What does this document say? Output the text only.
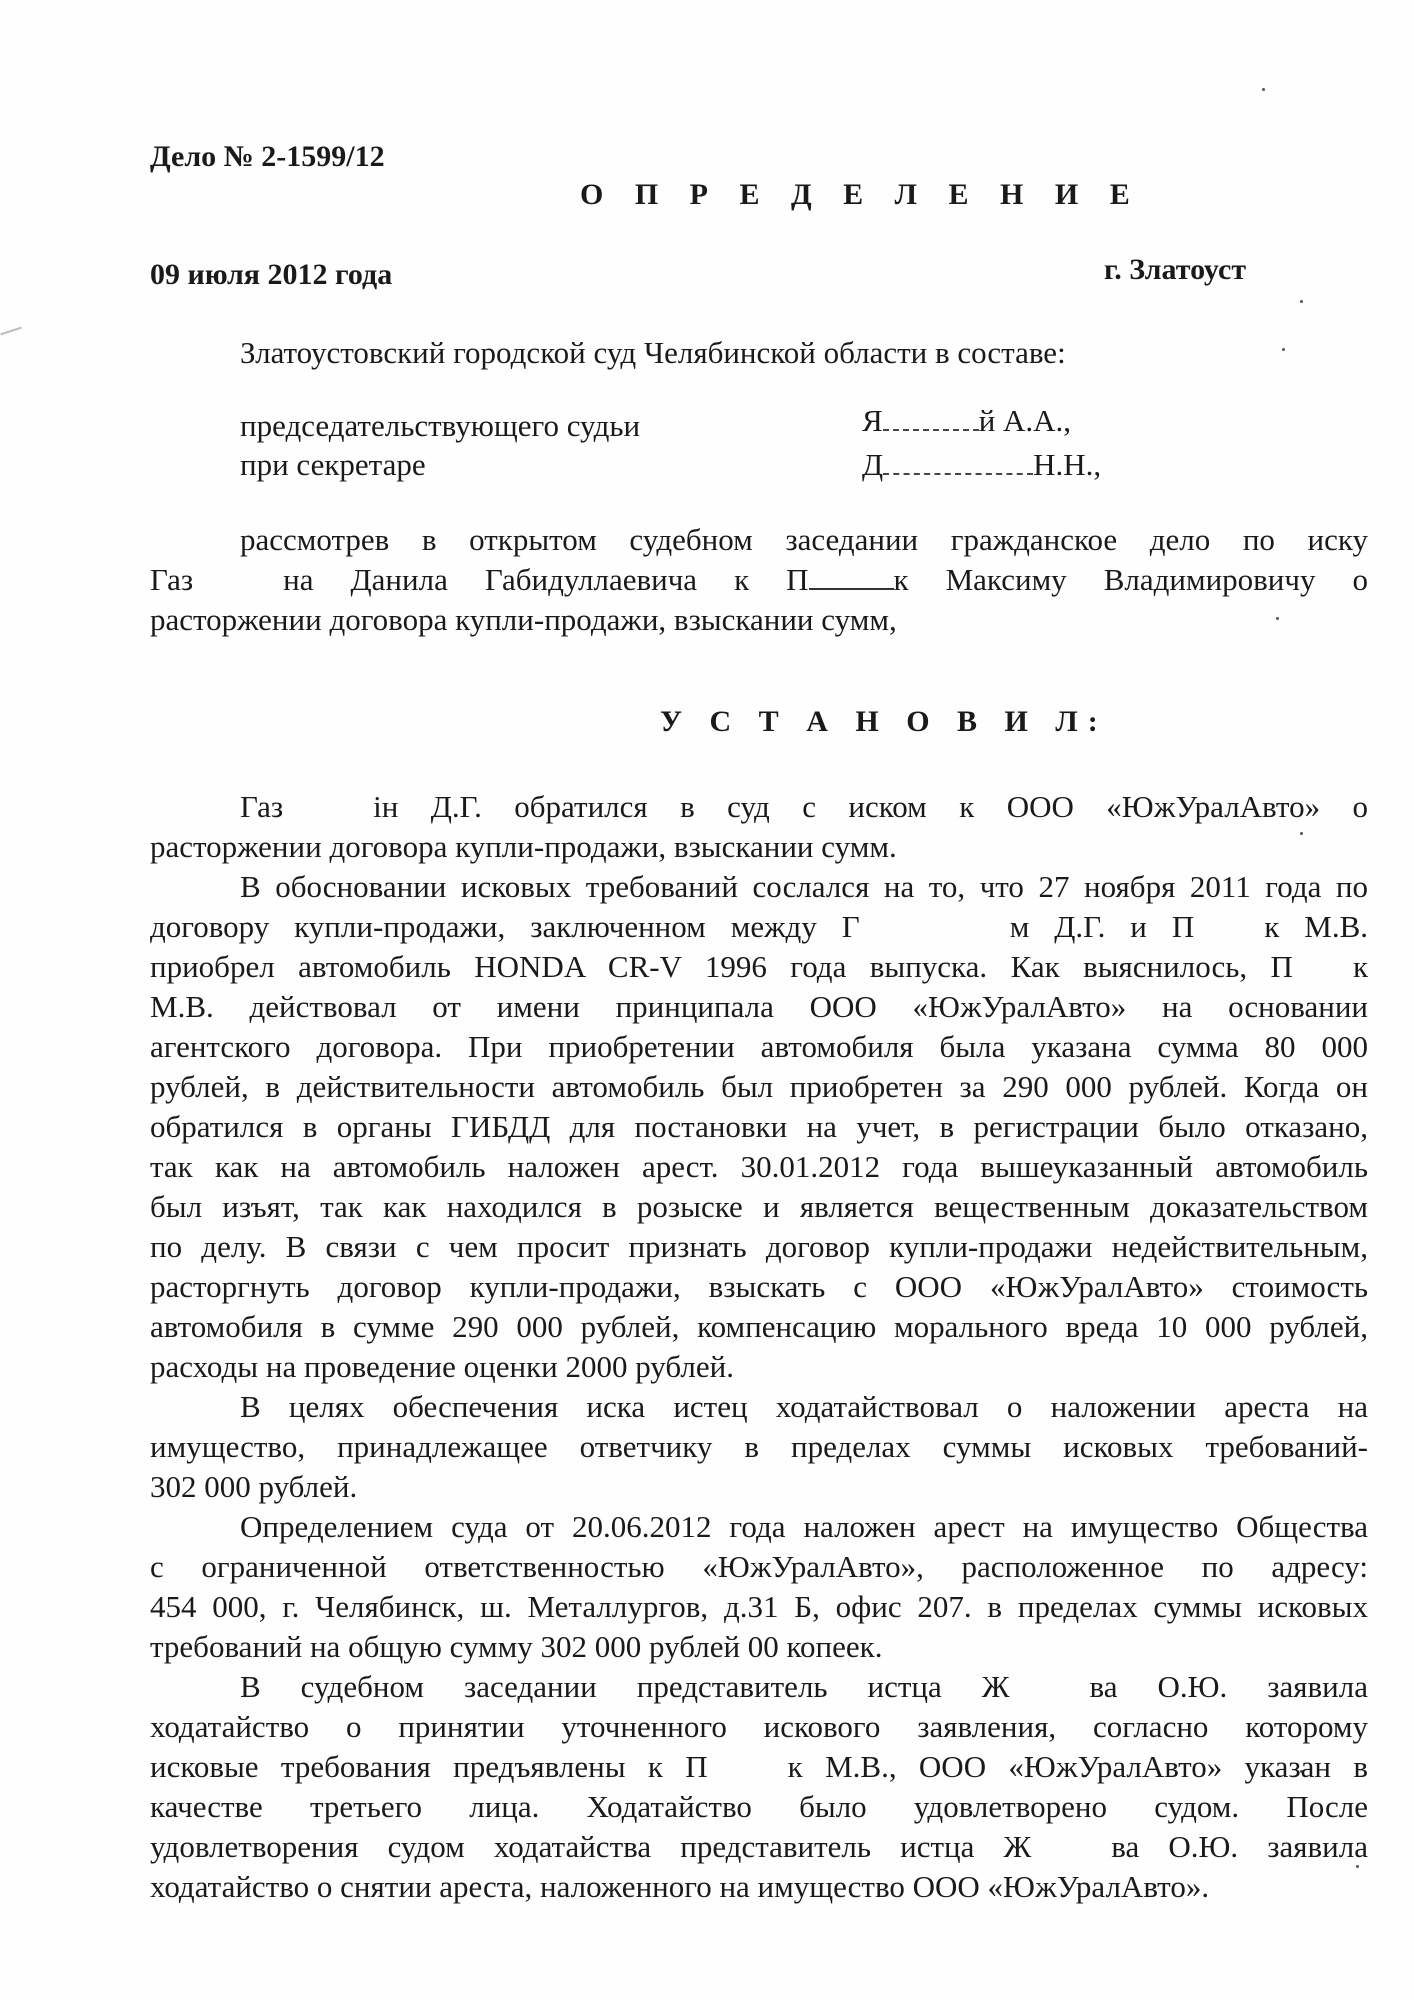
Дело № 2-1599/12
О П Р Е Д Е Л Е Н И Е
09 июля 2012 года	г. Златоуст
Златоустовский городской суд Челябинской области в составе:
председательствующего судьи	Я	й А.А.,
при секретаре	Д	Н.Н.,
рассмотрев в открытом судебном заседании гражданское дело по иску
Газ	на Данила Габидуллаевича к П	к Максиму Владимировичу о
расторжении договора купли-продажи, взыскании сумм,
У С Т А Н О В И Л:
Газ	ін Д.Г. обратился в суд с иском к ООО «ЮжУралАвто» о
расторжении договора купли-продажи, взыскании сумм.
В обосновании исковых требований сослался на то, что 27 ноября 2011 года по
договору купли-продажи, заключенном между Г	м Д.Г. и П к М.В.
приобрел автомобиль HONDA CR-V 1996 года выпуска. Как выяснилось, П к
М.В. действовал от имени принципала ООО «ЮжУралАвто» на основании
агентского договора. При приобретении автомобиля была указана сумма 80 000
рублей, в действительности автомобиль был приобретен за 290 000 рублей. Когда он
обратился в органы ГИБДД для постановки на учет, в регистрации было отказано,
так как на автомобиль наложен арест. 30.01.2012 года вышеуказанный автомобиль
был изъят, так как находился в розыске и является вещественным доказательством
по делу. В связи с чем просит признать договор купли-продажи недействительным,
расторгнуть договор купли-продажи, взыскать с ООО «ЮжУралАвто» стоимость
автомобиля в сумме 290 000 рублей, компенсацию морального вреда 10 000 рублей,
расходы на проведение оценки 2000 рублей.
В целях обеспечения иска истец ходатайствовал о наложении ареста на
имущество, принадлежащее ответчику в пределах суммы исковых требований-
302 000 рублей.
Определением суда от 20.06.2012 года наложен арест на имущество Общества
с ограниченной ответственностью «ЮжУралАвто», расположенное по адресу:
454 000, г. Челябинск, ш. Металлургов, д.31 Б, офис 207. в пределах суммы исковых
требований на общую сумму 302 000 рублей 00 копеек.
В судебном заседании представитель истца Ж	ва О.Ю. заявила
ходатайство о принятии уточненного искового заявления, согласно которому
исковые требования предъявлены к П	к М.В., ООО «ЮжУралАвто» указан в
качестве третьего лица. Ходатайство было удовлетворено судом. После
удовлетворения судом ходатайства представитель истца Ж	ва О.Ю. заявила
ходатайство о снятии ареста, наложенного на имущество ООО «ЮжУралАвто».
